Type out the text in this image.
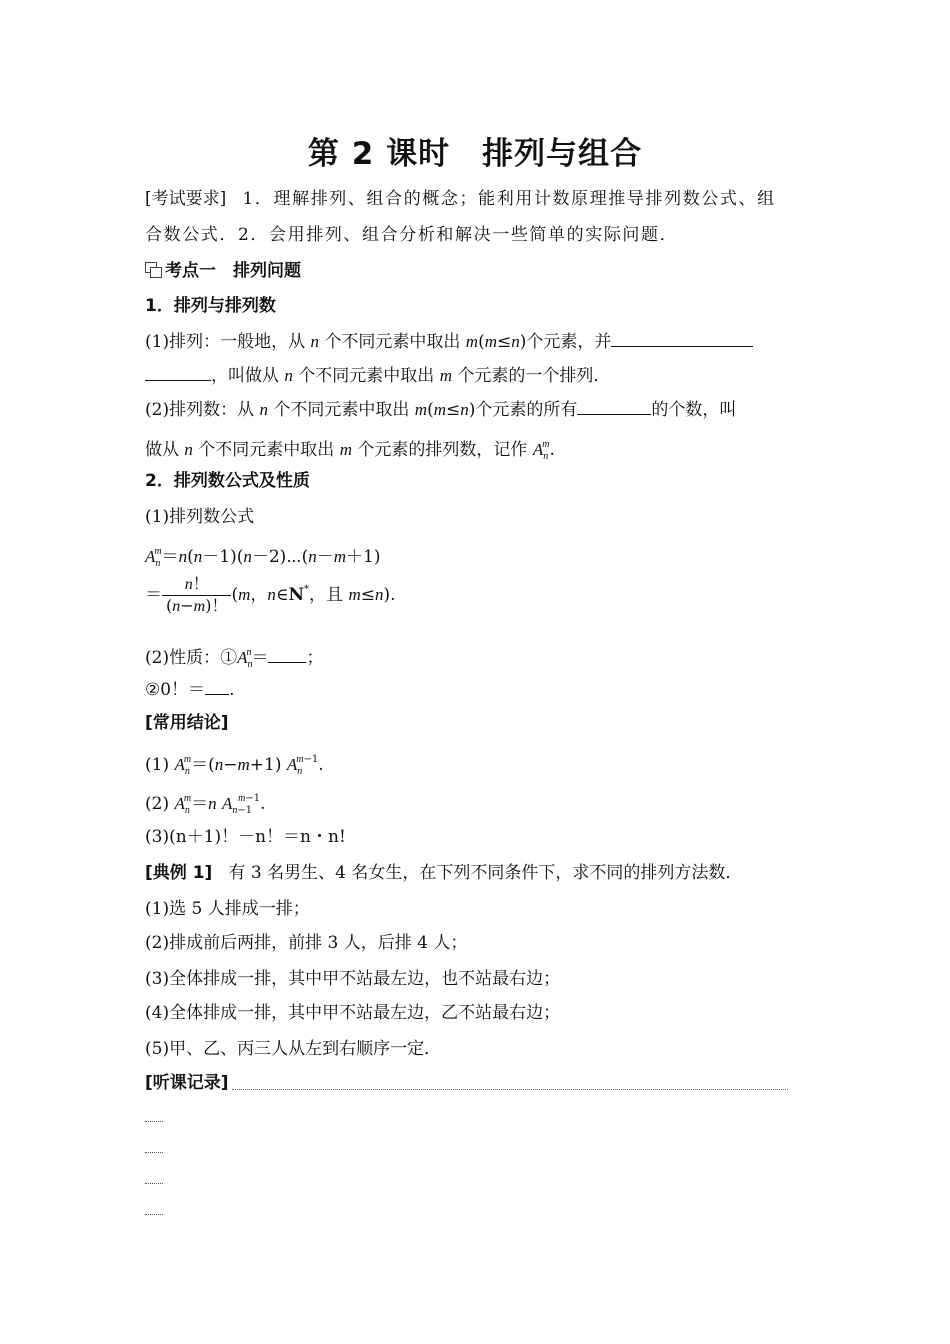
第 2 课时　排列与组合
[考试要求] 1．理解排列、组合的概念；能利用计数原理推导排列数公式、组
合数公式．2．会用排列、组合分析和解决一些简单的实际问题．
考点一　排列问题
1．排列与排列数
(1)排列：一般地，从 n 个不同元素中取出 m(m≤n)个元素，并
，叫做从 n 个不同元素中取出 m 个元素的一个排列．
(2)排列数：从 n 个不同元素中取出 m(m≤n)个元素的所有	的个数，叫
做从 n 个不同元素中取出 m 个元素的排列数，记作 $A_n^m$.
2．排列数公式及性质
(1)排列数公式
$A_n^m=n(n-1)(n-2)\cdots(n-m+1)$
＝ $\frac{n!}{(n-m)!} (m$，n∈N*，且 m≤n).
(2)性质：$①A_n^n=$ ；
②0！＝ .
[常用结论]
(1) $A_n^m=(n-m+1)$ $A_n^{m-1}$.
(2) $A_n^m=n$ $A_{n-1}^{m-1}$.
(3)(n＋1)！－n！＝n・n!
[典例 1] 有 3 名男生、4 名女生，在下列不同条件下，求不同的排列方法数．
(1)选 5 人排成一排；
(2)排成前后两排，前排 3 人，后排 4 人；
(3)全体排成一排，其中甲不站最左边，也不站最右边；
(4)全体排成一排，其中甲不站最左边，乙不站最右边；
(5)甲、乙、丙三人从左到右顺序一定．
[听课记录]
